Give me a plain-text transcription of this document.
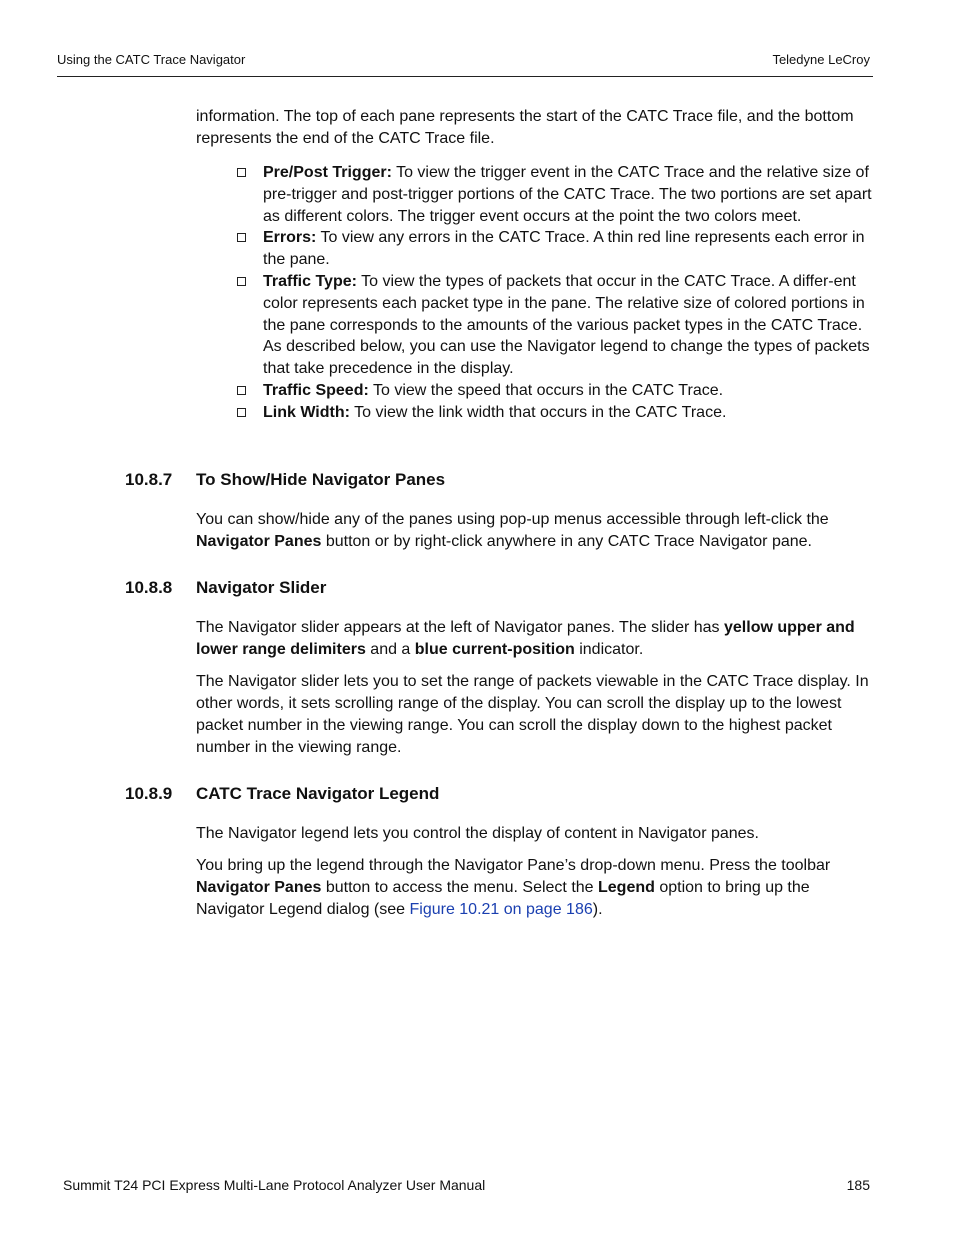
Using the CATC Trace Navigator	Teledyne LeCroy

information. The top of each pane represents the start of the CATC Trace file, and the bottom represents the end of the CATC Trace file.

Pre/Post Trigger: To view the trigger event in the CATC Trace and the relative size of pre-trigger and post-trigger portions of the CATC Trace. The two portions are set apart as different colors. The trigger event occurs at the point the two colors meet.
Errors: To view any errors in the CATC Trace. A thin red line represents each error in the pane.
Traffic Type: To view the types of packets that occur in the CATC Trace. A differ-ent color represents each packet type in the pane. The relative size of colored portions in the pane corresponds to the amounts of the various packet types in the CATC Trace. As described below, you can use the Navigator legend to change the types of packets that take precedence in the display.
Traffic Speed: To view the speed that occurs in the CATC Trace.
Link Width: To view the link width that occurs in the CATC Trace.
10.8.7 To Show/Hide Navigator Panes

You can show/hide any of the panes using pop-up menus accessible through left-click the Navigator Panes button or by right-click anywhere in any CATC Trace Navigator pane.

10.8.8 Navigator Slider

The Navigator slider appears at the left of Navigator panes. The slider has yellow upper and lower range delimiters and a blue current-position indicator.

The Navigator slider lets you to set the range of packets viewable in the CATC Trace display. In other words, it sets scrolling range of the display. You can scroll the display up to the lowest packet number in the viewing range. You can scroll the display down to the highest packet number in the viewing range.

10.8.9 CATC Trace Navigator Legend

The Navigator legend lets you control the display of content in Navigator panes.

You bring up the legend through the Navigator Pane’s drop-down menu. Press the toolbar Navigator Panes button to access the menu. Select the Legend option to bring up the Navigator Legend dialog (see Figure 10.21 on page 186).

Summit T24 PCI Express Multi-Lane Protocol Analyzer User Manual	185
